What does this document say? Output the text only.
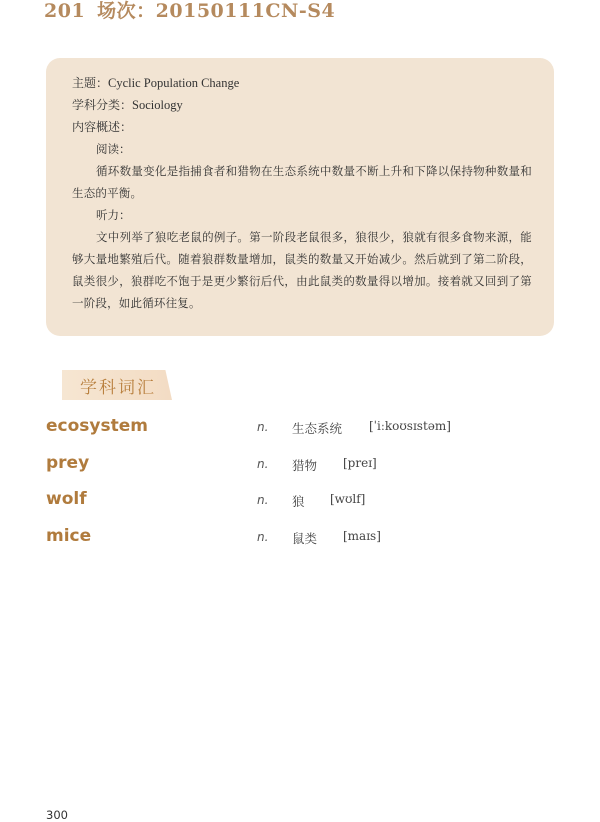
201 场次：20150111CN-S4
主题：Cyclic Population Change
学科分类：Sociology
内容概述：
阅读：
循环数量变化是指捕食者和猎物在生态系统中数量不断上升和下降以保持物种数量和生态的平衡。
听力：
文中列举了狼吃老鼠的例子。第一阶段老鼠很多，狼很少，狼就有很多食物来源，能够大量地繁殖后代。随着狼群数量增加，鼠类的数量又开始减少。然后就到了第二阶段，鼠类很少，狼群吃不饱于是更少繁衍后代，由此鼠类的数量得以增加。接着就又回到了第一阶段，如此循环往复。
学科词汇
ecosystem	n. 生态系统 [ˈiːkoʊsɪstəm]
prey	n. 猎物 [preɪ]
wolf	n. 狼 [wʊlf]
mice	n. 鼠类 [maɪs]
300
